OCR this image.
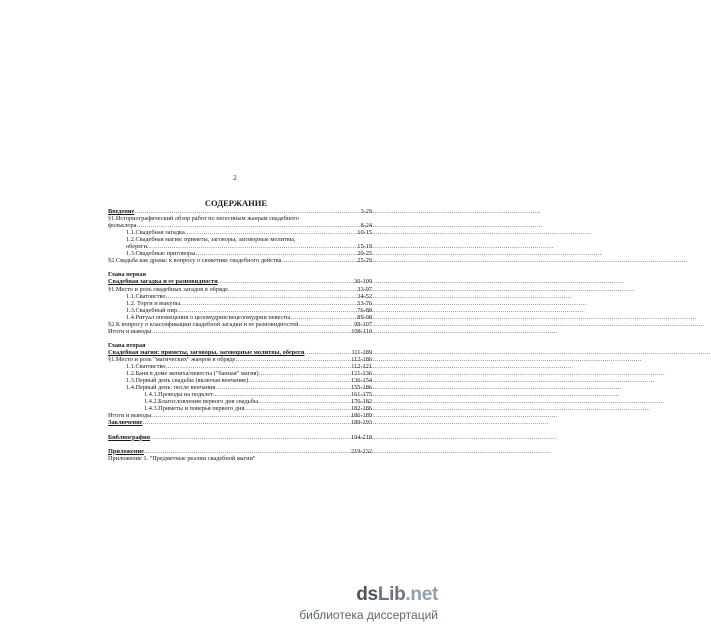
2
СОДЕРЖАНИЕ
Введение .....	3-29
§1.Историографический обзор работ по негеснным жанрам свадебного
фольклора .....	8-24
1.1.Свадебная загадка .....	10-15
1.2.Свадебная магия: приметы, заговоры, заговорные молитвы,
обереги .....	15-19
1.3.Свадебные приговоры .....	20-25
§2.Свадьба как драма: к вопросу о сюжетике свадебного действа .....	25-29
Глава первая
Свадебная загадка и ее разновидности .....	30-109
§1.Место и роль свадебных загадок в обряде .....	33-97
1.1.Сватовство .....	34-52
1.2. Торги и выкупы .....	53-76
1.3.Свадебный пир .....	76-88
1.4.Ритуал оповещения о целомудрии/нецеломудрии невесты .....	89-98
§2.К вопросу о классификации свадебной загадки и ее разновидностей .....	99-107
Итоги и выводы .....	108-110
Глава вторая
Свадебная магия: приметы, заговоры, заговорные молитвы, обереги .....	111-189
§1.Место и роль "магических" жанров в обряде .....	112-186
1.1.Сватовство .....	112-121
1.2.Баня в доме жениха/невесты ("банная" магия) .....	121-136
1.3.Первый день свадьбы (включая венчание) .....	136-154
1.4.Первый день: после венчания .....	155-186
1.4.1.Проводы на подклет .....	161-175
1.4.2.Благословления первого дня свадьбы .....	176-182
1.4.3.Приметы и поверья первого дня .....	182-186
Итоги и выводы .....	186-189
Заключение .....	189-193
Библиография .....	194-218
Приложение .....	219-232
Приложение 1. "Предметные реалии свадебной магии"
dsLib.net
библиотека диссертаций
